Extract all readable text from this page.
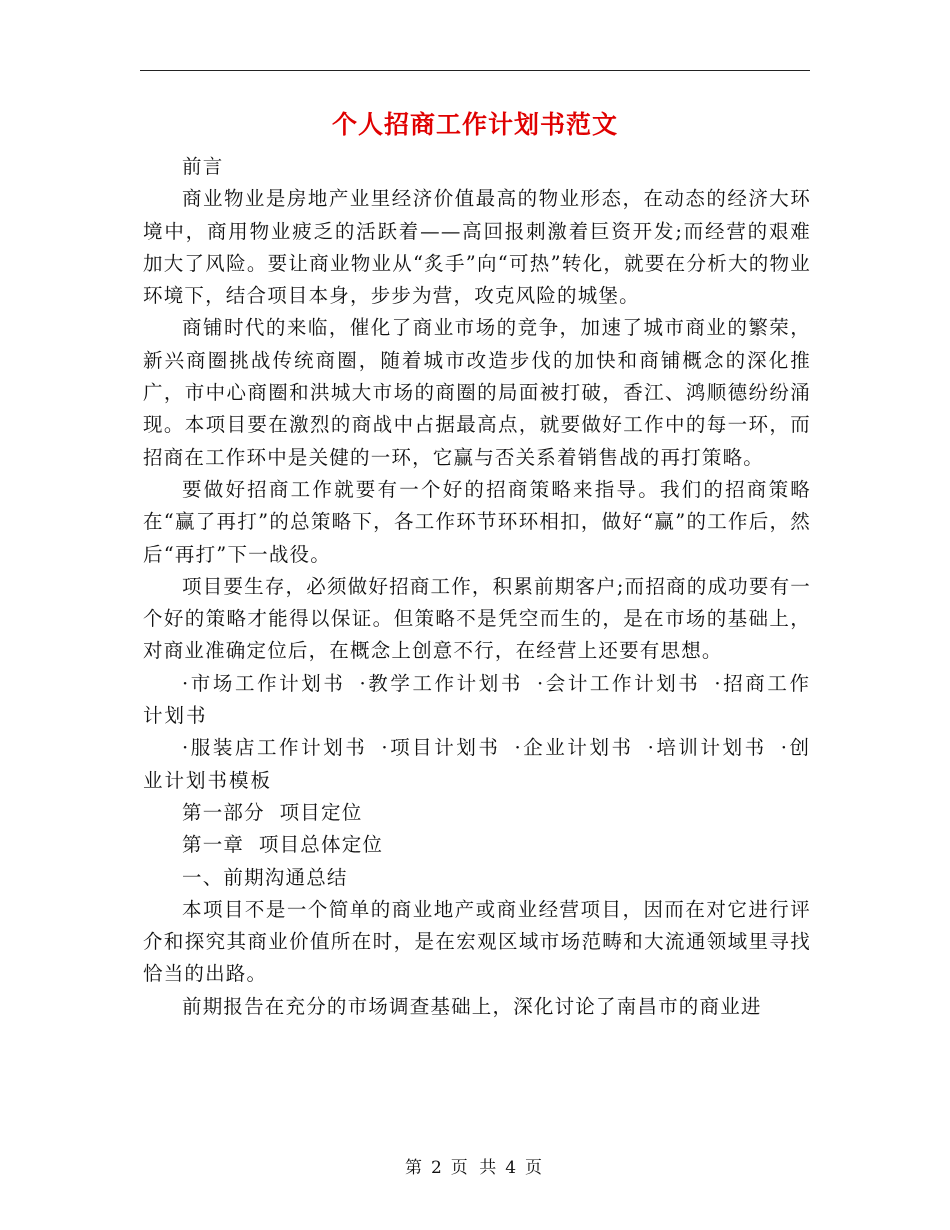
个人招商工作计划书范文

前言

商业物业是房地产业里经济价值最高的物业形态，在动态的经济大环境中，商用物业疲乏的活跃着——高回报刺激着巨资开发;而经营的艰难加大了风险。要让商业物业从“炙手”向“可热”转化，就要在分析大的物业环境下，结合项目本身，步步为营，攻克风险的城堡。

商铺时代的来临，催化了商业市场的竞争，加速了城市商业的繁荣，新兴商圈挑战传统商圈，随着城市改造步伐的加快和商铺概念的深化推广，市中心商圈和洪城大市场的商圈的局面被打破，香江、鸿顺德纷纷涌现。本项目要在激烈的商战中占据最高点，就要做好工作中的每一环，而招商在工作环中是关健的一环，它赢与否关系着销售战的再打策略。

要做好招商工作就要有一个好的招商策略来指导。我们的招商策略在“赢了再打”的总策略下，各工作环节环环相扣，做好“赢”的工作后，然后“再打”下一战役。

项目要生存，必须做好招商工作，积累前期客户;而招商的成功要有一个好的策略才能得以保证。但策略不是凭空而生的，是在市场的基础上，对商业准确定位后，在概念上创意不行，在经营上还要有思想。

·市场工作计划书 ·教学工作计划书 ·会计工作计划书 ·招商工作计划书

·服装店工作计划书 ·项目计划书 ·企业计划书 ·培训计划书 ·创业计划书模板

第一部分  项目定位

第一章  项目总体定位

一、前期沟通总结

本项目不是一个简单的商业地产或商业经营项目，因而在对它进行评介和探究其商业价值所在时，是在宏观区域市场范畴和大流通领域里寻找恰当的出路。

前期报告在充分的市场调查基础上，深化讨论了南昌市的商业进

第 2 页 共 4 页
